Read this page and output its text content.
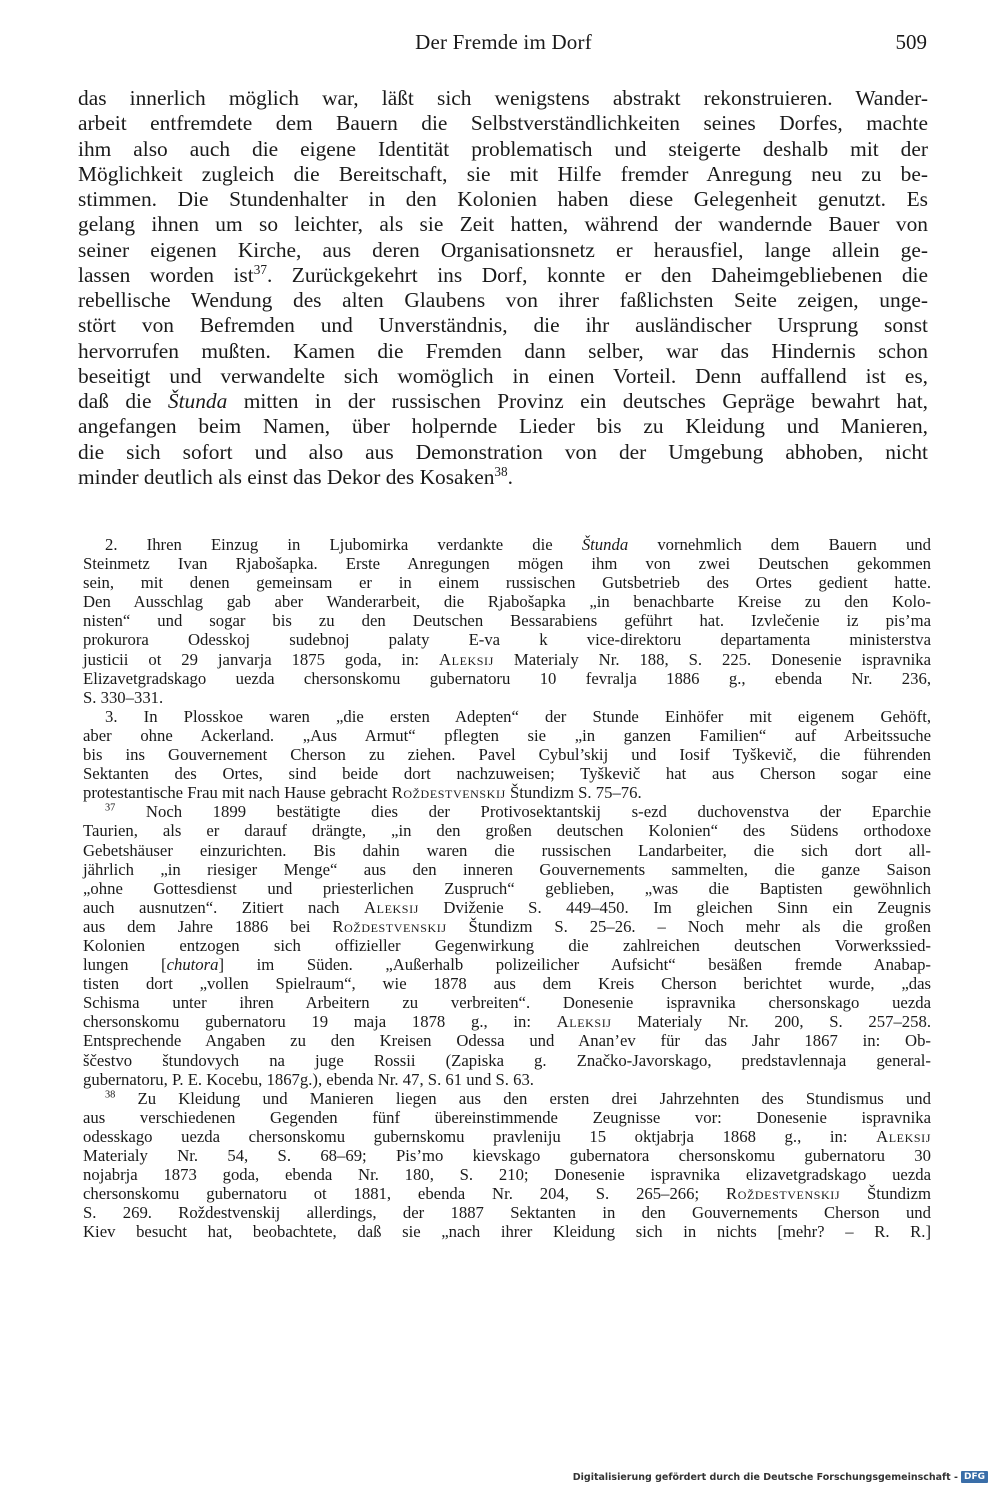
Der Fremde im Dorf	509
das innerlich möglich war, läßt sich wenigstens abstrakt rekonstruieren. Wander-
arbeit entfremdete dem Bauern die Selbstverständlichkeiten seines Dorfes, machte
ihm also auch die eigene Identität problematisch und steigerte deshalb mit der
Möglichkeit zugleich die Bereitschaft, sie mit Hilfe fremder Anregung neu zu be-
stimmen. Die Stundenhalter in den Kolonien haben diese Gelegenheit genutzt. Es
gelang ihnen um so leichter, als sie Zeit hatten, während der wandernde Bauer von
seiner eigenen Kirche, aus deren Organisationsnetz er herausfiel, lange allein ge-
lassen worden ist$^{37}$. Zurückgekehrt ins Dorf, konnte er den Daheimgebliebenen die
rebellische Wendung des alten Glaubens von ihrer faßlichsten Seite zeigen, unge-
stört von Befremden und Unverständnis, die ihr ausländischer Ursprung sonst
hervorrufen mußten. Kamen die Fremden dann selber, war das Hindernis schon
beseitigt und verwandelte sich womöglich in einen Vorteil. Denn auffallend ist es,
daß die Štunda mitten in der russischen Provinz ein deutsches Gepräge bewahrt hat,
angefangen beim Namen, über holpernde Lieder bis zu Kleidung und Manieren,
die sich sofort und also aus Demonstration von der Umgebung abhoben, nicht
minder deutlich als einst das Dekor des Kosaken$^{38}$.
2. Ihren Einzug in Ljubomirka verdankte die Štunda vornehmlich dem Bauern und
Steinmetz Ivan Rjabošapka. Erste Anregungen mögen ihm von zwei Deutschen gekommen
sein, mit denen gemeinsam er in einem russischen Gutsbetrieb des Ortes gedient hatte.
Den Ausschlag gab aber Wanderarbeit, die Rjabošapka „in benachbarte Kreise zu den Kolo-
nisten“ und sogar bis zu den Deutschen Bessarabiens geführt hat. Izvlečenie iz pis’ma
prokurora Odesskoj sudebnoj palaty E-va k vice-direktoru departamenta ministerstva
justicii ot 29 janvarja 1875 goda, in: Aleksij Materialy Nr. 188, S. 225. Donesenie ispravnika
Elizavetgradskago uezda chersonskomu gubernatoru 10 fevralja 1886 g., ebenda Nr. 236,
S. 330–331.
3. In Plosskoe waren „die ersten Adepten“ der Stunde Einhöfer mit eigenem Gehöft,
aber ohne Ackerland. „Aus Armut“ pflegten sie „in ganzen Familien“ auf Arbeitssuche
bis ins Gouvernement Cherson zu ziehen. Pavel Cybul’skij und Iosif Tyškevič, die führenden
Sektanten des Ortes, sind beide dort nachzuweisen; Tyškevič hat aus Cherson sogar eine
protestantische Frau mit nach Hause gebracht Roždestvenskij Štundizm S. 75–76.
$^{37}$ Noch 1899 bestätigte dies der Protivosektantskij s-ezd duchovenstva der Eparchie
Taurien, als er darauf drängte, „in den großen deutschen Kolonien“ des Südens orthodoxe
Gebetshäuser einzurichten. Bis dahin waren die russischen Landarbeiter, die sich dort all-
jährlich „in riesiger Menge“ aus den inneren Gouvernements sammelten, die ganze Saison
„ohne Gottesdienst und priesterlichen Zuspruch“ geblieben, „was die Baptisten gewöhnlich
auch ausnutzen“. Zitiert nach Aleksij Dviženie S. 449–450. Im gleichen Sinn ein Zeugnis
aus dem Jahre 1886 bei Roždestvenskij Štundizm S. 25–26. – Noch mehr als die großen
Kolonien entzogen sich offizieller Gegenwirkung die zahlreichen deutschen Vorwerkssied-
lungen [chutora] im Süden. „Außerhalb polizeilicher Aufsicht“ besäßen fremde Anabap-
tisten dort „vollen Spielraum“, wie 1878 aus dem Kreis Cherson berichtet wurde, „das
Schisma unter ihren Arbeitern zu verbreiten“. Donesenie ispravnika chersonskago uezda
chersonskomu gubernatoru 19 maja 1878 g., in: Aleksij Materialy Nr. 200, S. 257–258.
Entsprechende Angaben zu den Kreisen Odessa und Anan’ev für das Jahr 1867 in: Ob-
ščestvo štundovych na juge Rossii (Zapiska g. Značko-Javorskago, predstavlennaja general-
gubernatoru, P. E. Kocebu, 1867g.), ebenda Nr. 47, S. 61 und S. 63.
$^{38}$ Zu Kleidung und Manieren liegen aus den ersten drei Jahrzehnten des Stundismus und
aus verschiedenen Gegenden fünf übereinstimmende Zeugnisse vor: Donesenie ispravnika
odesskago uezda chersonskomu gubernskomu pravleniju 15 oktjabrja 1868 g., in: Aleksij
Materialy Nr. 54, S. 68–69; Pis’mo kievskago gubernatora chersonskomu gubernatoru 30
nojabrja 1873 goda, ebenda Nr. 180, S. 210; Donesenie ispravnika elizavetgradskago uezda
chersonskomu gubernatoru ot 1881, ebenda Nr. 204, S. 265–266; Roždestvenskij Štundizm
S. 269. Roždestvenskij allerdings, der 1887 Sektanten in den Gouvernements Cherson und
Kiev besucht hat, beobachtete, daß sie „nach ihrer Kleidung sich in nichts [mehr? – R. R.]
Digitalisierung gefördert durch die Deutsche Forschungsgemeinschaft - DFG
